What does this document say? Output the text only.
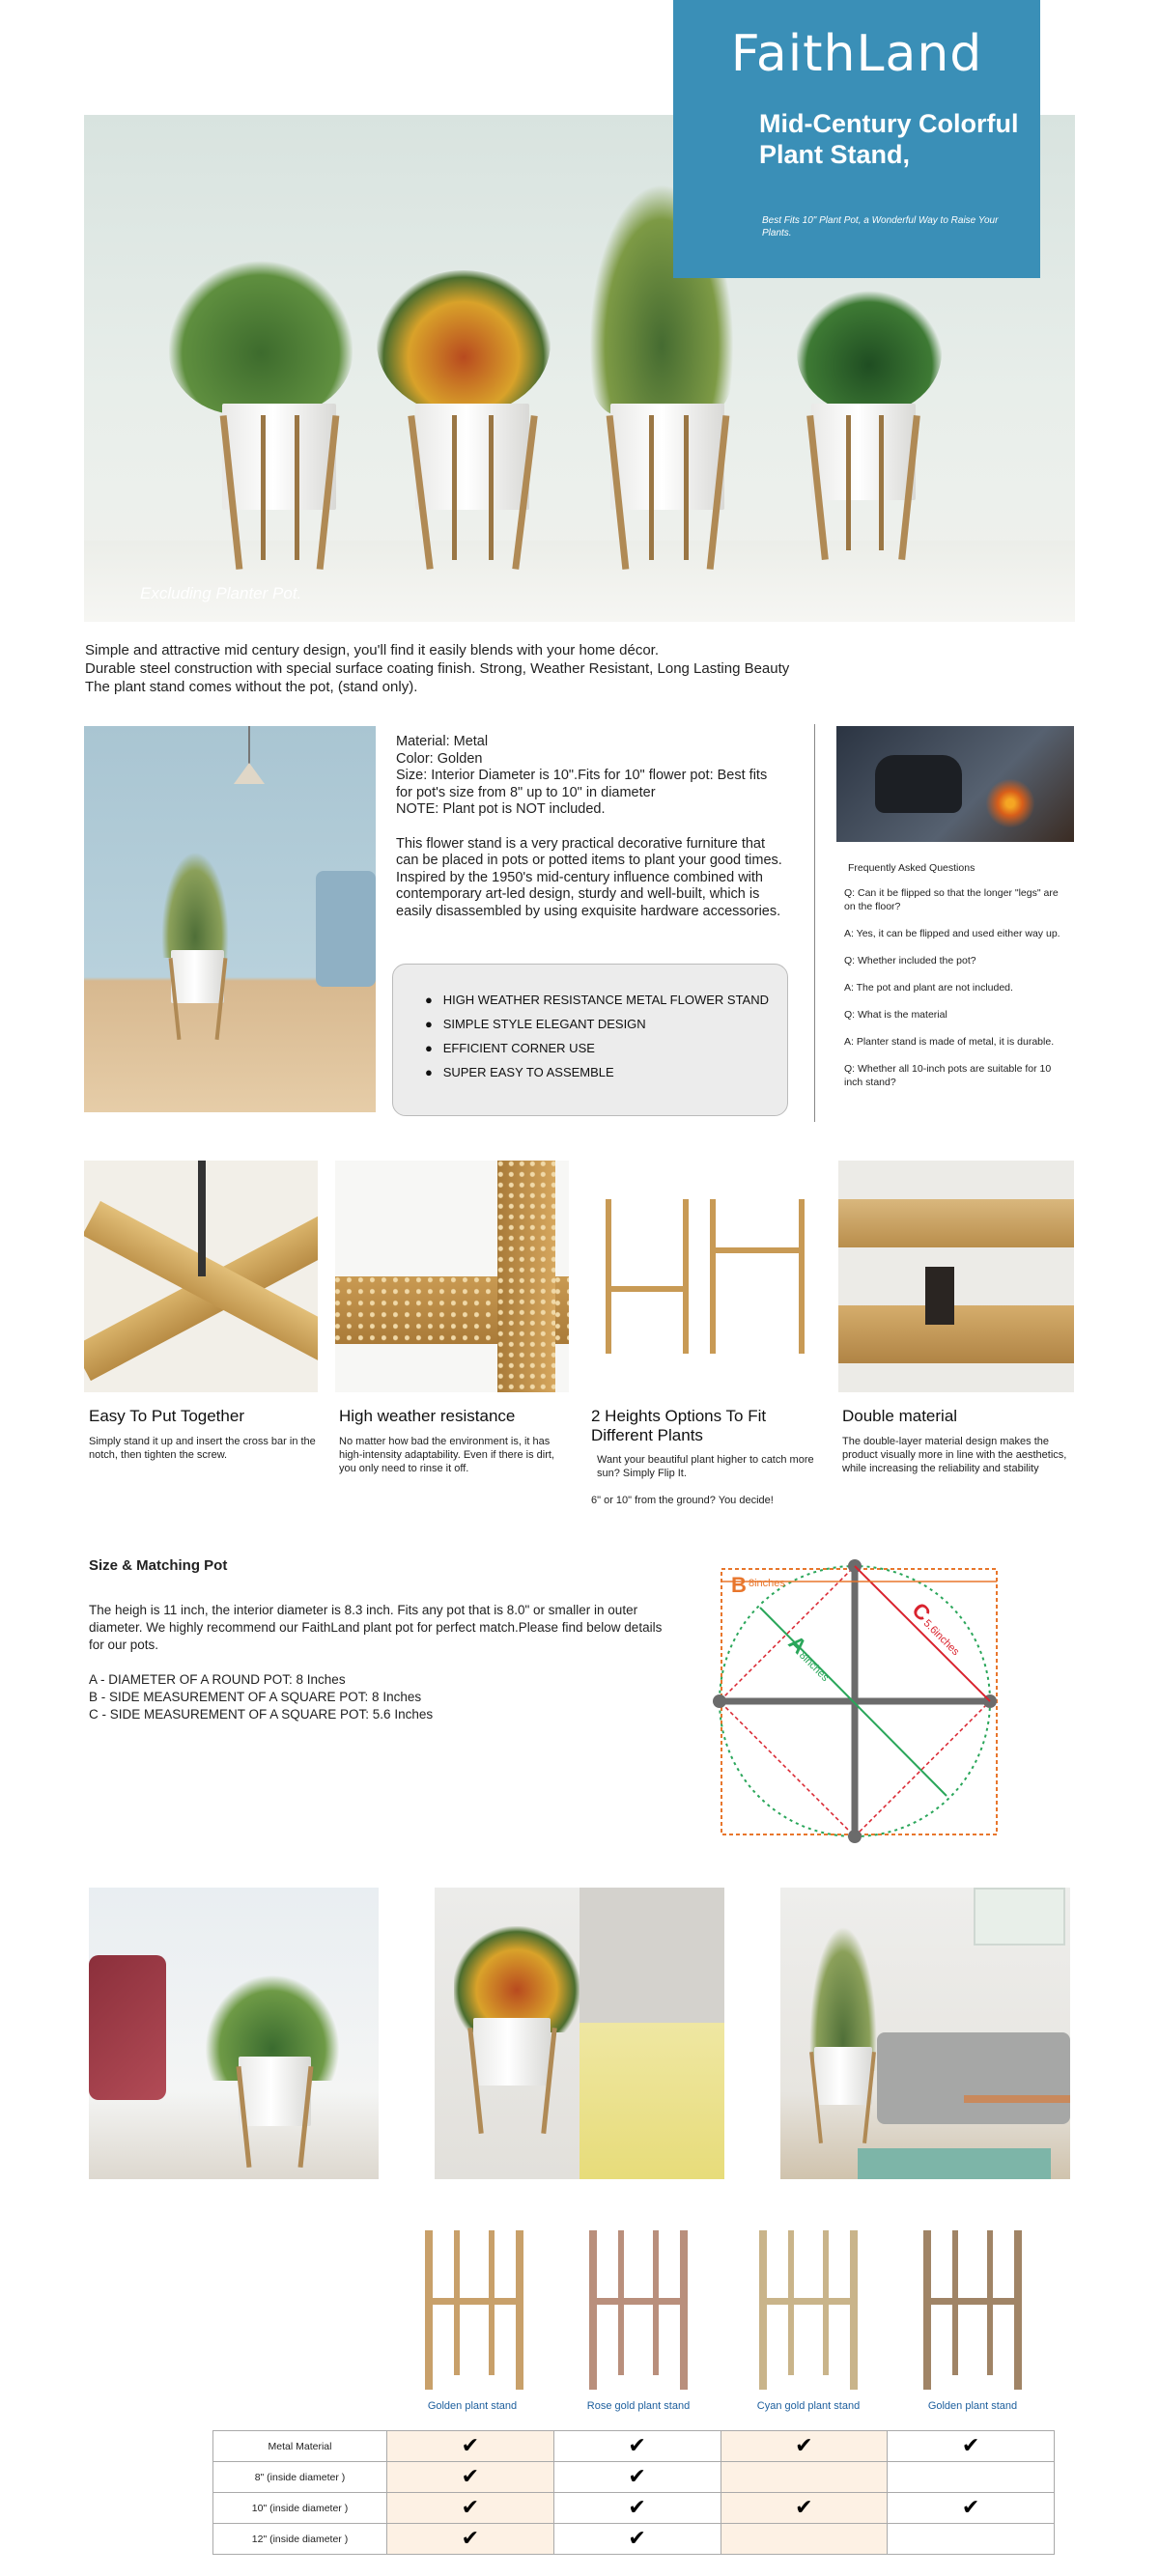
Excluding Planter Pot.
FaithLand
Mid-Century Colorful Plant Stand,
Best Fits 10" Plant Pot, a Wonderful Way to Raise Your Plants.
Simple and attractive mid century design, you'll find it easily blends with your home décor.
Durable steel construction with special surface coating finish. Strong, Weather Resistant, Long Lasting Beauty
The plant stand comes without the pot, (stand only).
Material: Metal
Color: Golden
Size: Interior Diameter is 10".Fits for 10" flower pot: Best fits for pot's size from 8" up to 10" in diameter
NOTE: Plant pot is NOT included.
This flower stand is a very practical decorative furniture that can be placed in pots or potted items to plant your good times. Inspired by the 1950's mid-century influence combined with contemporary art-led design, sturdy and well-built, which is easily disassembled by using exquisite hardware accessories.
●   HIGH WEATHER RESISTANCE METAL FLOWER STAND
●   SIMPLE STYLE ELEGANT DESIGN
●   EFFICIENT CORNER USE
●   SUPER EASY TO ASSEMBLE
Frequently Asked Questions
Q: Can it be flipped so that the longer "legs" are on the floor?
A: Yes, it can be flipped and used either way up.
Q: Whether included the pot?
A: The pot and plant are not included.
Q: What is the material
A: Planter stand is made of metal, it is durable.
Q: Whether all 10-inch pots are suitable for 10 inch stand?
Easy To Put Together
Simply stand it up and insert the cross bar in the notch, then tighten the screw.
High weather resistance
No matter how bad the environment is, it has high-intensity adaptability. Even if there is dirt, you only need to rinse it off.
2 Heights Options To Fit Different Plants
Want your beautiful plant higher to catch more sun? Simply Flip It.
6" or 10" from the ground? You decide!
Double material
The double-layer material design makes the product visually more in line with the aesthetics, while increasing the reliability and stability
Size & Matching Pot
The heigh is 11 inch, the interior diameter is 8.3 inch. Fits any pot that is 8.0" or smaller in outer diameter. We highly recommend our FaithLand plant pot for perfect match.Please find below details for our pots.
A - DIAMETER OF A ROUND POT: 8 Inches
B - SIDE MEASUREMENT OF A SQUARE POT: 8 Inches
C - SIDE MEASUREMENT OF A SQUARE POT: 5.6 Inches
B 8inches
A
8inches
C
5.6inches
Golden plant stand	Rose gold plant stand	Cyan gold plant stand	Golden plant stand
Metal Material	✔	✔	✔	✔
8" (inside diameter )	✔	✔		
10" (inside diameter )	✔	✔	✔	✔
12" (inside diameter )	✔	✔		
